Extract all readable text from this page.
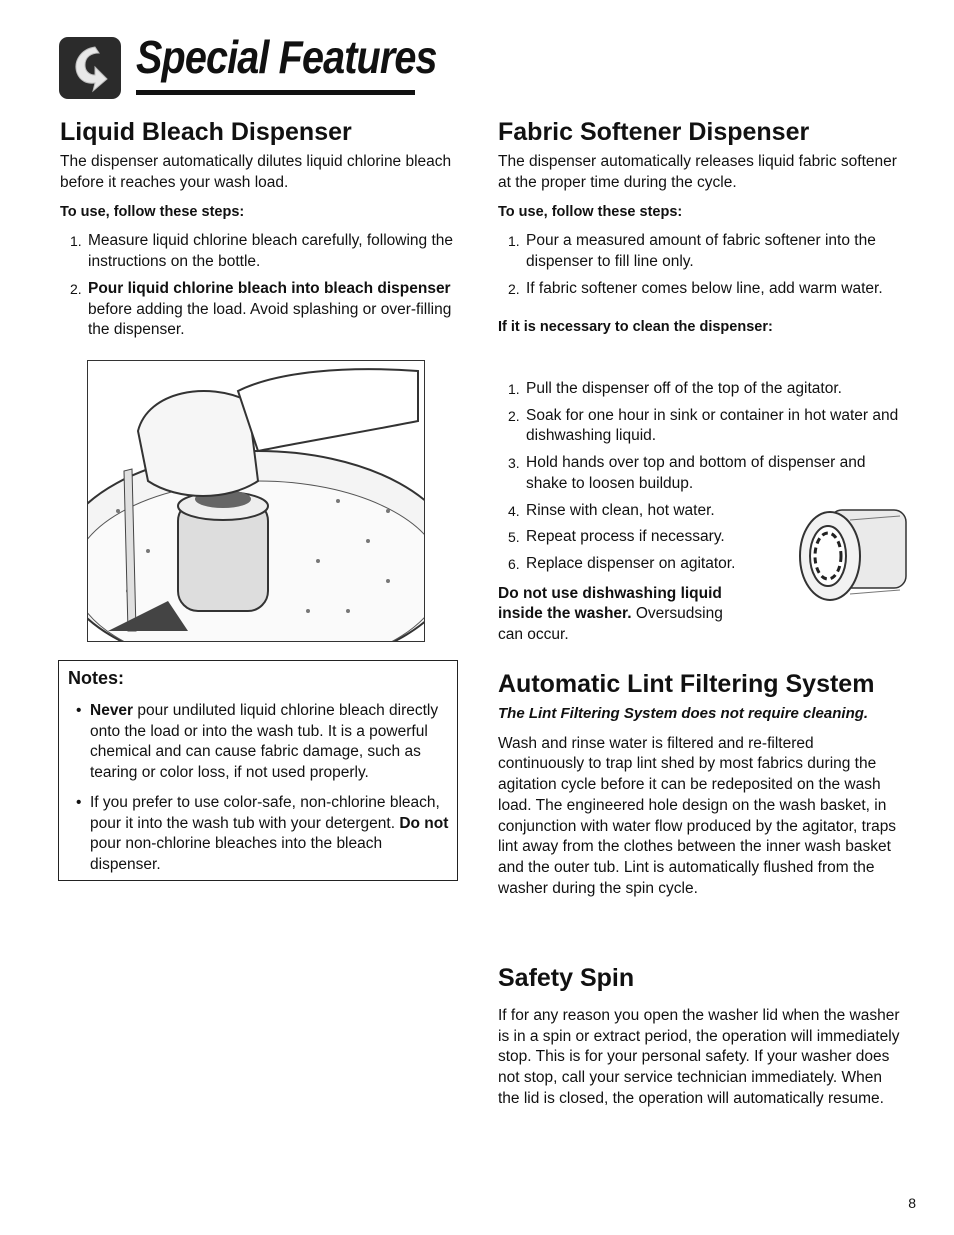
Special Features
Liquid Bleach Dispenser

The dispenser automatically dilutes liquid chlorine bleach before it reaches your wash load.

To use, follow these steps:

1. Measure liquid chlorine bleach carefully, following the instructions on the bottle.
2. Pour liquid chlorine bleach into bleach dispenser before adding the load. Avoid splashing or over-filling the dispenser.

Notes:

• Never pour undiluted liquid chlorine bleach directly onto the load or into the wash tub. It is a powerful chemical and can cause fabric damage, such as tearing or color loss, if not used properly.
• If you prefer to use color-safe, non-chlorine bleach, pour it into the wash tub with your detergent. Do not pour non-chlorine bleaches into the bleach dispenser.
Fabric Softener Dispenser

The dispenser automatically releases liquid fabric softener at the proper time during the cycle.

To use, follow these steps:

1. Pour a measured amount of fabric softener into the dispenser to fill line only.
2. If fabric softener comes below line, add warm water.

If it is necessary to clean the dispenser:

1. Pull the dispenser off of the top of the agitator.
2. Soak for one hour in sink or container in hot water and dishwashing liquid.
3. Hold hands over top and bottom of dispenser and shake to loosen buildup.
4. Rinse with clean, hot water.
5. Repeat process if necessary.
6. Replace dispenser on agitator.

Do not use dishwashing liquid inside the washer. Oversudsing can occur.

Automatic Lint Filtering System

The Lint Filtering System does not require cleaning.

Wash and rinse water is filtered and re-filtered continuously to trap lint shed by most fabrics during the agitation cycle before it can be redeposited on the wash load. The engineered hole design on the wash basket, in conjunction with water flow produced by the agitator, traps lint away from the clothes between the inner wash basket and the outer tub. Lint is automatically flushed from the washer during the spin cycle.

Safety Spin

If for any reason you open the washer lid when the washer is in a spin or extract period, the operation will immediately stop. This is for your personal safety. If your washer does not stop, call your service technician immediately. When the lid is closed, the operation will automatically resume.

8
